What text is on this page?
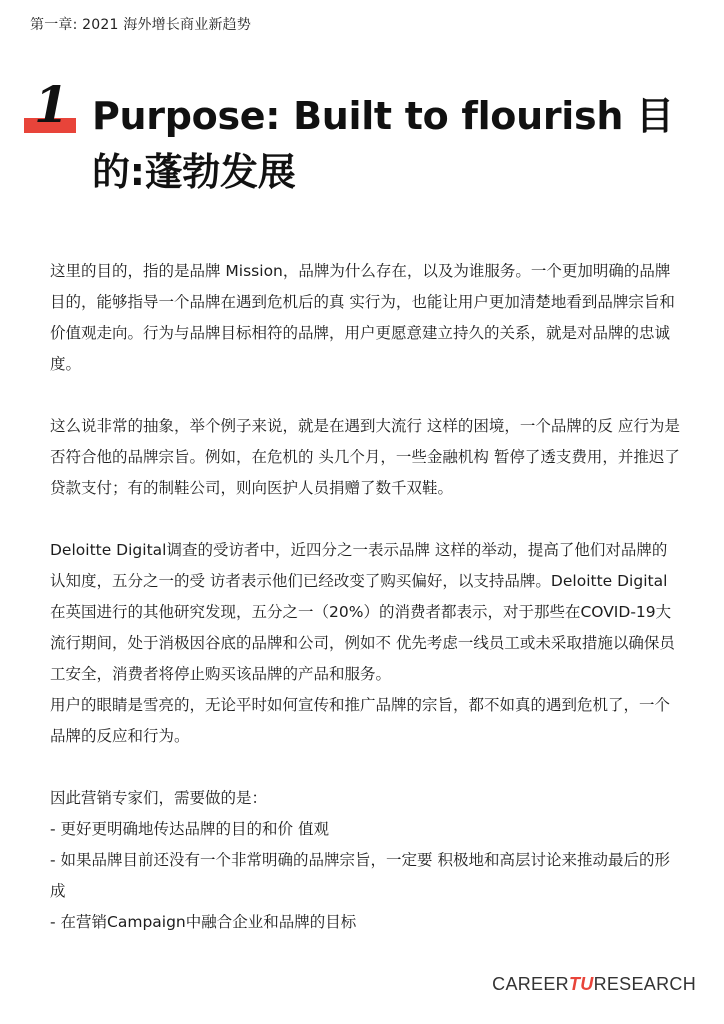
第一章: 2021 海外增长商业新趋势
1 Purpose: Built to flourish 目的:蓬勃发展

这里的目的，指的是品牌 Mission，品牌为什么存在，以及为谁服务。一个更加明确的品牌目的，能够指导一个品牌在遇到危机后的真 实行为，也能让用户更加清楚地看到品牌宗旨和价值观走向。行为与品牌目标相符的品牌，用户更愿意建立持久的关系，就是对品牌的忠诚度。

这么说非常的抽象，举个例子来说，就是在遇到大流行 这样的困境，一个品牌的反 应行为是否符合他的品牌宗旨。例如，在危机的 头几个月，一些金融机构 暂停了透支费用，并推迟了贷款支付；有的制鞋公司，则向医护人员捐赠了数千双鞋。

Deloitte Digital调查的受访者中，近四分之一表示品牌 这样的举动，提高了他们对品牌的认知度，五分之一的受 访者表示他们已经改变了购买偏好，以支持品牌。Deloitte Digital在英国进行的其他研究发现，五分之一（20%）的消费者都表示，对于那些在COVID-19大流行期间，处于消极因谷底的品牌和公司，例如不 优先考虑一线员工或未采取措施以确保员工安全，消费者将停止购买该品牌的产品和服务。

用户的眼睛是雪亮的，无论平时如何宣传和推广品牌的宗旨，都不如真的遇到危机了，一个品牌的反应和行为。

因此营销专家们，需要做的是：

- 更好更明确地传达品牌的目的和价 值观

- 如果品牌目前还没有一个非常明确的品牌宗旨，一定要 积极地和高层讨论来推动最后的形成

- 在营销Campaign中融合企业和品牌的目标

CAREERTURESEARCH
